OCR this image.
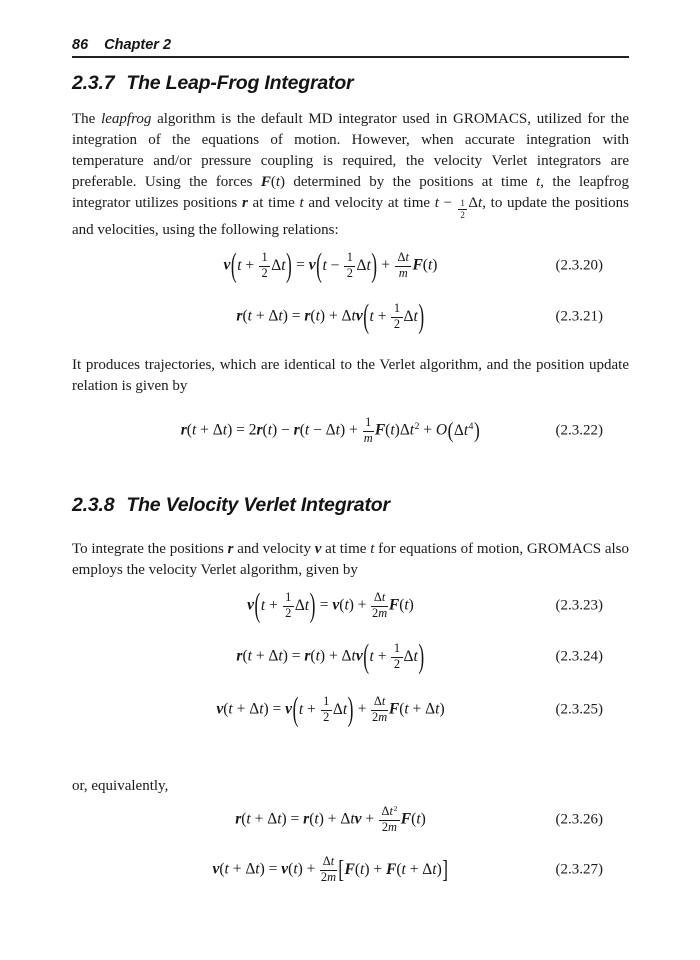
86 Chapter 2
2.3.7 The Leap-Frog Integrator

The leapfrog algorithm is the default MD integrator used in GROMACS, utilized for the integration of the equations of motion. However, when accurate integration with temperature and/or pressure coupling is required, the velocity Verlet integrators are preferable. Using the forces F(t) determined by the positions at time t, the leapfrog integrator utilizes positions r at time t and velocity at time $t - \frac{1}{2} \Delta t$, to update the positions and velocities, using the following relations:

$v(t + \frac{1}{2} \Delta t) = v(t - \frac{1}{2} \Delta t) + \frac{\Delta t}{m} F(t)$	(2.3.20)
$r(t + \Delta t) = r(t) + \Delta tv(t + \frac{1}{2} \Delta t)$	(2.3.21)

It produces trajectories, which are identical to the Verlet algorithm, and the position update relation is given by

$r(t + \Delta t) = 2r(t) - r(t - \Delta t) + \frac{1}{m} F(t)\Delta t^2 + O(\Delta t^4)$	(2.3.22)
2.3.8 The Velocity Verlet Integrator

To integrate the positions r and velocity v at time t for equations of motion, GROMACS also employs the velocity Verlet algorithm, given by

$v(t + \frac{1}{2} \Delta t) = v(t) + \frac{\Delta t}{2m} F(t)$	(2.3.23)
$r(t + \Delta t) = r(t) + \Delta tv(t + \frac{1}{2} \Delta t)$	(2.3.24)
$v(t + \Delta t) = v(t + \frac{1}{2} \Delta t) + \frac{\Delta t}{2m} F(t + \Delta t)$	(2.3.25)

or, equivalently,

$r(t + \Delta t) = r(t) + \Delta tv + \frac{\Delta t^2}{2m} F(t)$	(2.3.26)
$v(t + \Delta t) = v(t) + \frac{\Delta t}{2m} [F(t) + F(t + \Delta t)]$	(2.3.27)
